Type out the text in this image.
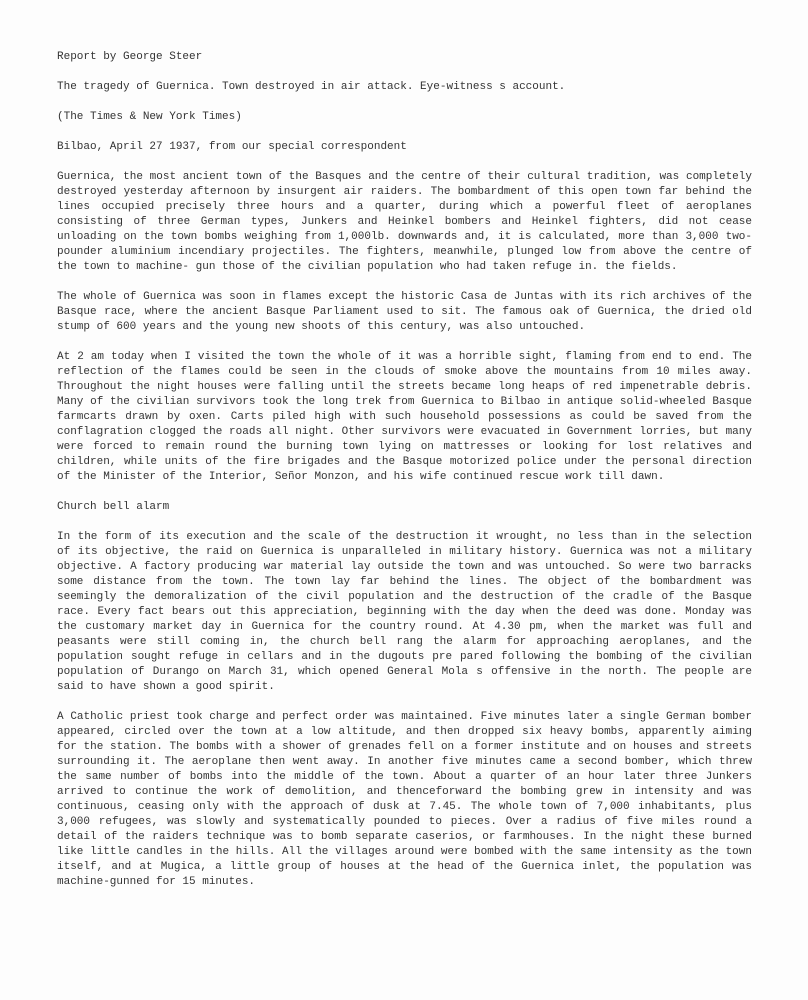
Report by George Steer

The tragedy of Guernica. Town destroyed in air attack. Eye-witness s account.

(The Times & New York Times)

Bilbao, April 27 1937, from our special correspondent

Guernica, the most ancient town of the Basques and the centre of their cultural tradition, was completely destroyed yesterday afternoon by insurgent air raiders. The bombardment of this open town far behind the lines occupied precisely three hours and a quarter, during which a powerful fleet of aeroplanes consisting of three German types, Junkers and Heinkel bombers and Heinkel fighters, did not cease unloading on the town bombs weighing from 1,000lb. downwards and, it is calculated, more than 3,000 two-pounder aluminium incendiary projectiles. The fighters, meanwhile, plunged low from above the centre of the town to machine- gun those of the civilian population who had taken refuge in. the fields.

The whole of Guernica was soon in flames except the historic Casa de Juntas with its rich archives of the Basque race, where the ancient Basque Parliament used to sit. The famous oak of Guernica, the dried old stump of 600 years and the young new shoots of this century, was also untouched.

At 2 am today when I visited the town the whole of it was a horrible sight, flaming from end to end. The reflection of the flames could be seen in the clouds of smoke above the mountains from 10 miles away. Throughout the night houses were falling until the streets became long heaps of red impenetrable debris. Many of the civilian survivors took the long trek from Guernica to Bilbao in antique solid-wheeled Basque farmcarts drawn by oxen. Carts piled high with such household possessions as could be saved from the conflagration clogged the roads all night. Other survivors were evacuated in Government lorries, but many were forced to remain round the burning town lying on mattresses or looking for lost relatives and children, while units of the fire brigades and the Basque motorized police under the personal direction of the Minister of the Interior, Señor Monzon, and his wife continued rescue work till dawn.

Church bell alarm

In the form of its execution and the scale of the destruction it wrought, no less than in the selection of its objective, the raid on Guernica is unparalleled in military history. Guernica was not a military objective. A factory producing war material lay outside the town and was untouched. So were two barracks some distance from the town. The town lay far behind the lines. The object of the bombardment was seemingly the demoralization of the civil population and the destruction of the cradle of the Basque race. Every fact bears out this appreciation, beginning with the day when the deed was done. Monday was the customary market day in Guernica for the country round. At 4.30 pm, when the market was full and peasants were still coming in, the church bell rang the alarm for approaching aeroplanes, and the population sought refuge in cellars and in the dugouts pre pared following the bombing of the civilian population of Durango on March 31, which opened General Mola s offensive in the north. The people are said to have shown a good spirit.

A Catholic priest took charge and perfect order was maintained. Five minutes later a single German bomber appeared, circled over the town at a low altitude, and then dropped six heavy bombs, apparently aiming for the station. The bombs with a shower of grenades fell on a former institute and on houses and streets surrounding it. The aeroplane then went away. In another five minutes came a second bomber, which threw the same number of bombs into the middle of the town. About a quarter of an hour later three Junkers arrived to continue the work of demolition, and thenceforward the bombing grew in intensity and was continuous, ceasing only with the approach of dusk at 7.45. The whole town of 7,000 inhabitants, plus 3,000 refugees, was slowly and systematically pounded to pieces. Over a radius of five miles round a detail of the raiders technique was to bomb separate caserios, or farmhouses. In the night these burned like little candles in the hills. All the villages around were bombed with the same intensity as the town itself, and at Mugica, a little group of houses at the head of the Guernica inlet, the population was machine-gunned for 15 minutes.
